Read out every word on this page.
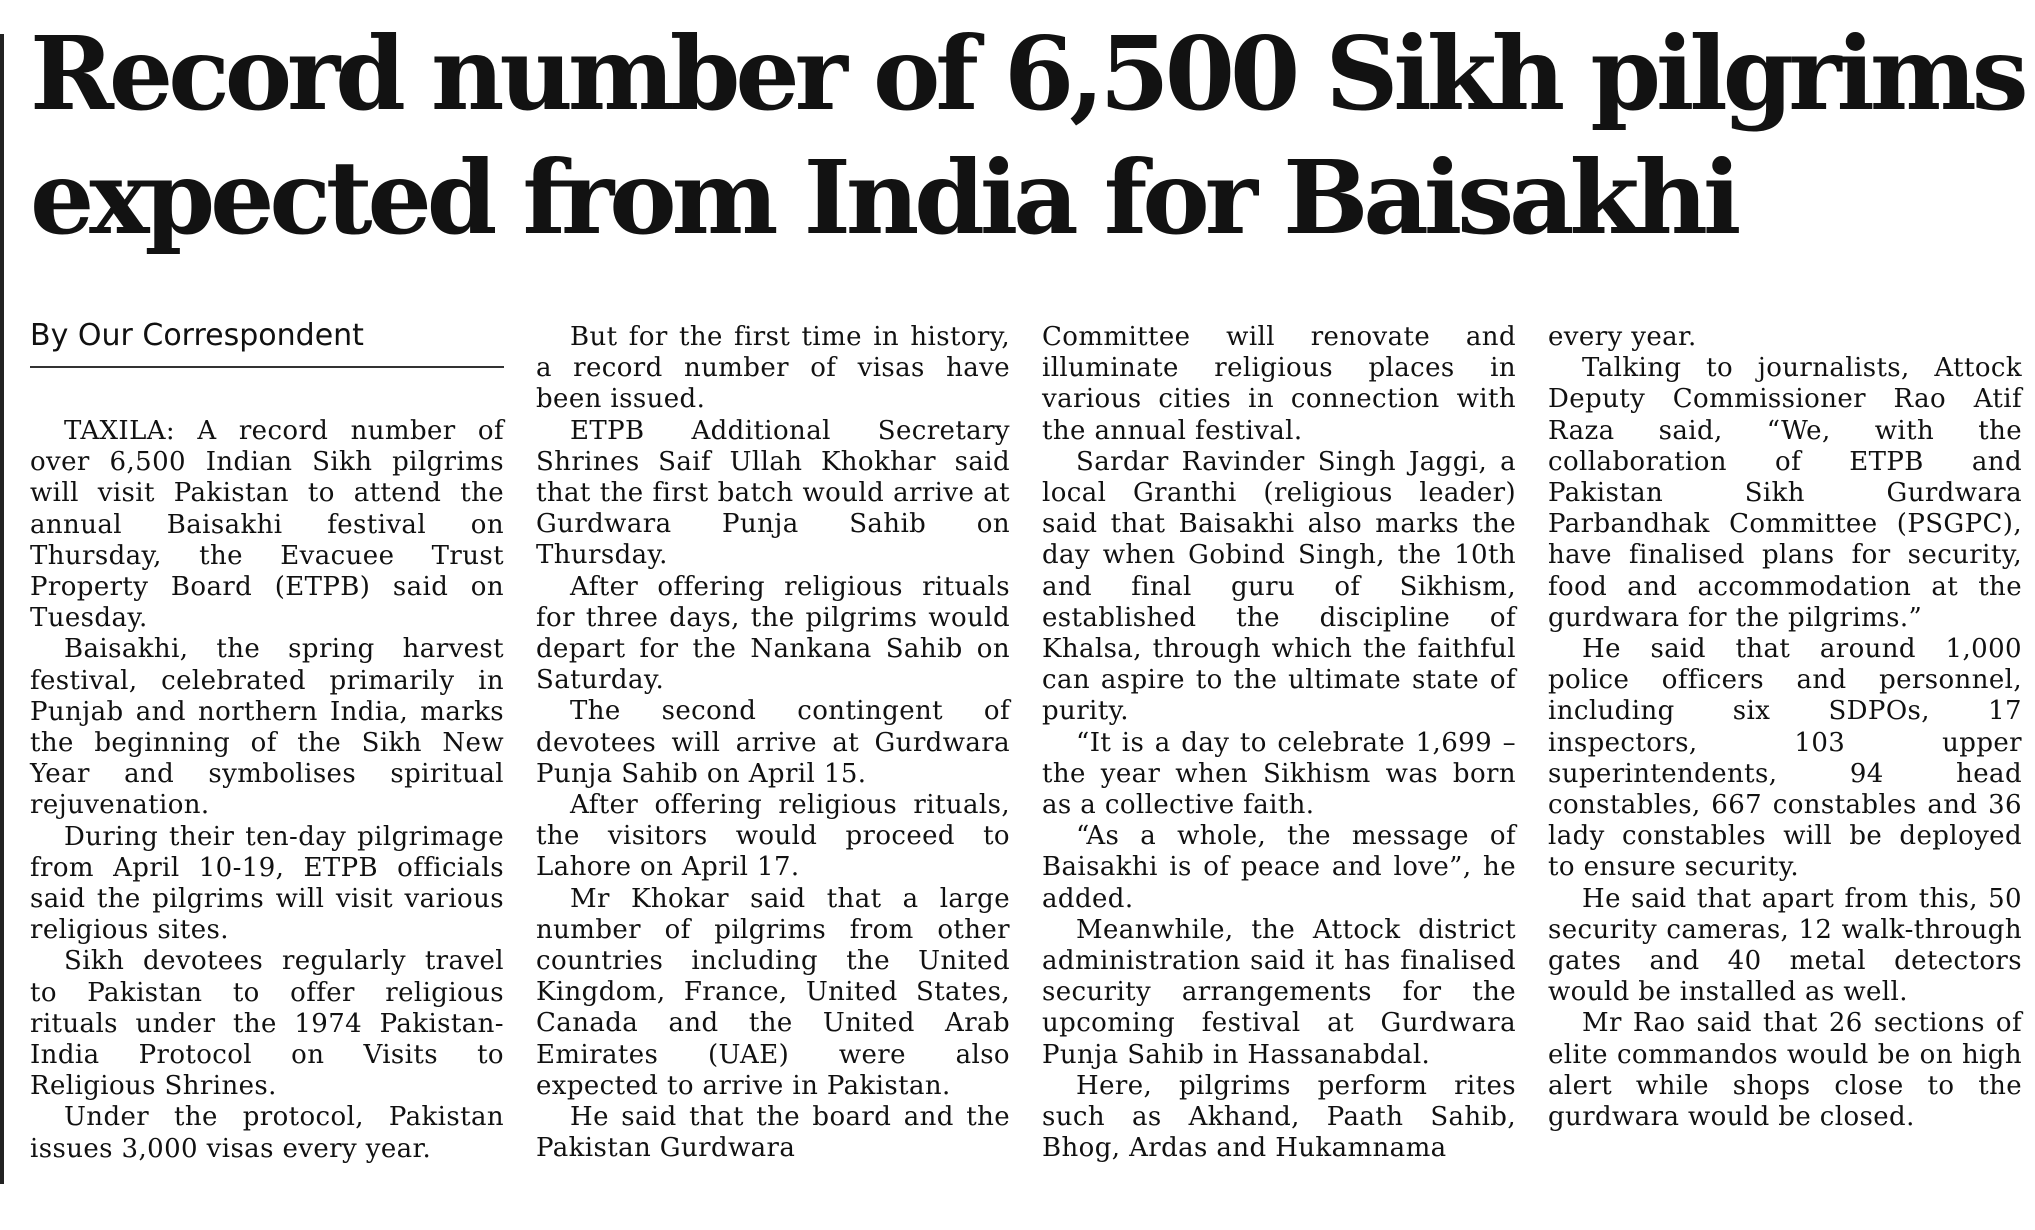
Record number of 6,500 Sikh pilgrims
expected from India for Baisakhi
By Our Correspondent

TAXILA: A record number of over 6,500 Indian Sikh pilgrims will visit Pakistan to attend the annual Baisakhi festival on Thursday, the Evacuee Trust Property Board (ETPB) said on Tuesday.

Baisakhi, the spring harvest festival, celebrated primarily in Punjab and northern India, marks the beginning of the Sikh New Year and symbolises spiritual rejuvenation.

During their ten-day pilgrimage from April 10-19, ETPB officials said the pilgrims will visit various religious sites.

Sikh devotees regularly travel to Pakistan to offer religious rituals under the 1974 Pakistan-India Protocol on Visits to Religious Shrines.

Under the protocol, Pakistan issues 3,000 visas every year.

But for the first time in history, a record number of visas have been issued.

ETPB Additional Secretary Shrines Saif Ullah Khokhar said that the first batch would arrive at Gurdwara Punja Sahib on Thursday.

After offering religious rituals for three days, the pilgrims would depart for the Nankana Sahib on Saturday.

The second contingent of devotees will arrive at Gurdwara Punja Sahib on April 15.

After offering religious rituals, the visitors would proceed to Lahore on April 17.

Mr Khokar said that a large number of pilgrims from other countries including the United Kingdom, France, United States, Canada and the United Arab Emirates (UAE) were also expected to arrive in Pakistan.

He said that the board and the Pakistan Gurdwara

Committee will renovate and illuminate religious places in various cities in connection with the annual festival.

Sardar Ravinder Singh Jaggi, a local Granthi (religious leader) said that Baisakhi also marks the day when Gobind Singh, the 10th and final guru of Sikhism, established the discipline of Khalsa, through which the faithful can aspire to the ultimate state of purity.

“It is a day to celebrate 1,699 – the year when Sikhism was born as a collective faith.

“As a whole, the message of Baisakhi is of peace and love”, he added.

Meanwhile, the Attock district administration said it has finalised security arrangements for the upcoming festival at Gurdwara Punja Sahib in Hassanabdal.

Here, pilgrims perform rites such as Akhand, Paath Sahib, Bhog, Ardas and Hukamnama

every year.

Talking to journalists, Attock Deputy Commissioner Rao Atif Raza said, “We, with the collaboration of ETPB and Pakistan Sikh Gurdwara Parbandhak Committee (PSGPC), have finalised plans for security, food and accommodation at the gurdwara for the pilgrims.”

He said that around 1,000 police officers and personnel, including six SDPOs, 17 inspectors, 103 upper superintendents, 94 head constables, 667 constables and 36 lady constables will be deployed to ensure security.

He said that apart from this, 50 security cameras, 12 walk-through gates and 40 metal detectors would be installed as well.

Mr Rao said that 26 sections of elite commandos would be on high alert while shops close to the gurdwara would be closed.
